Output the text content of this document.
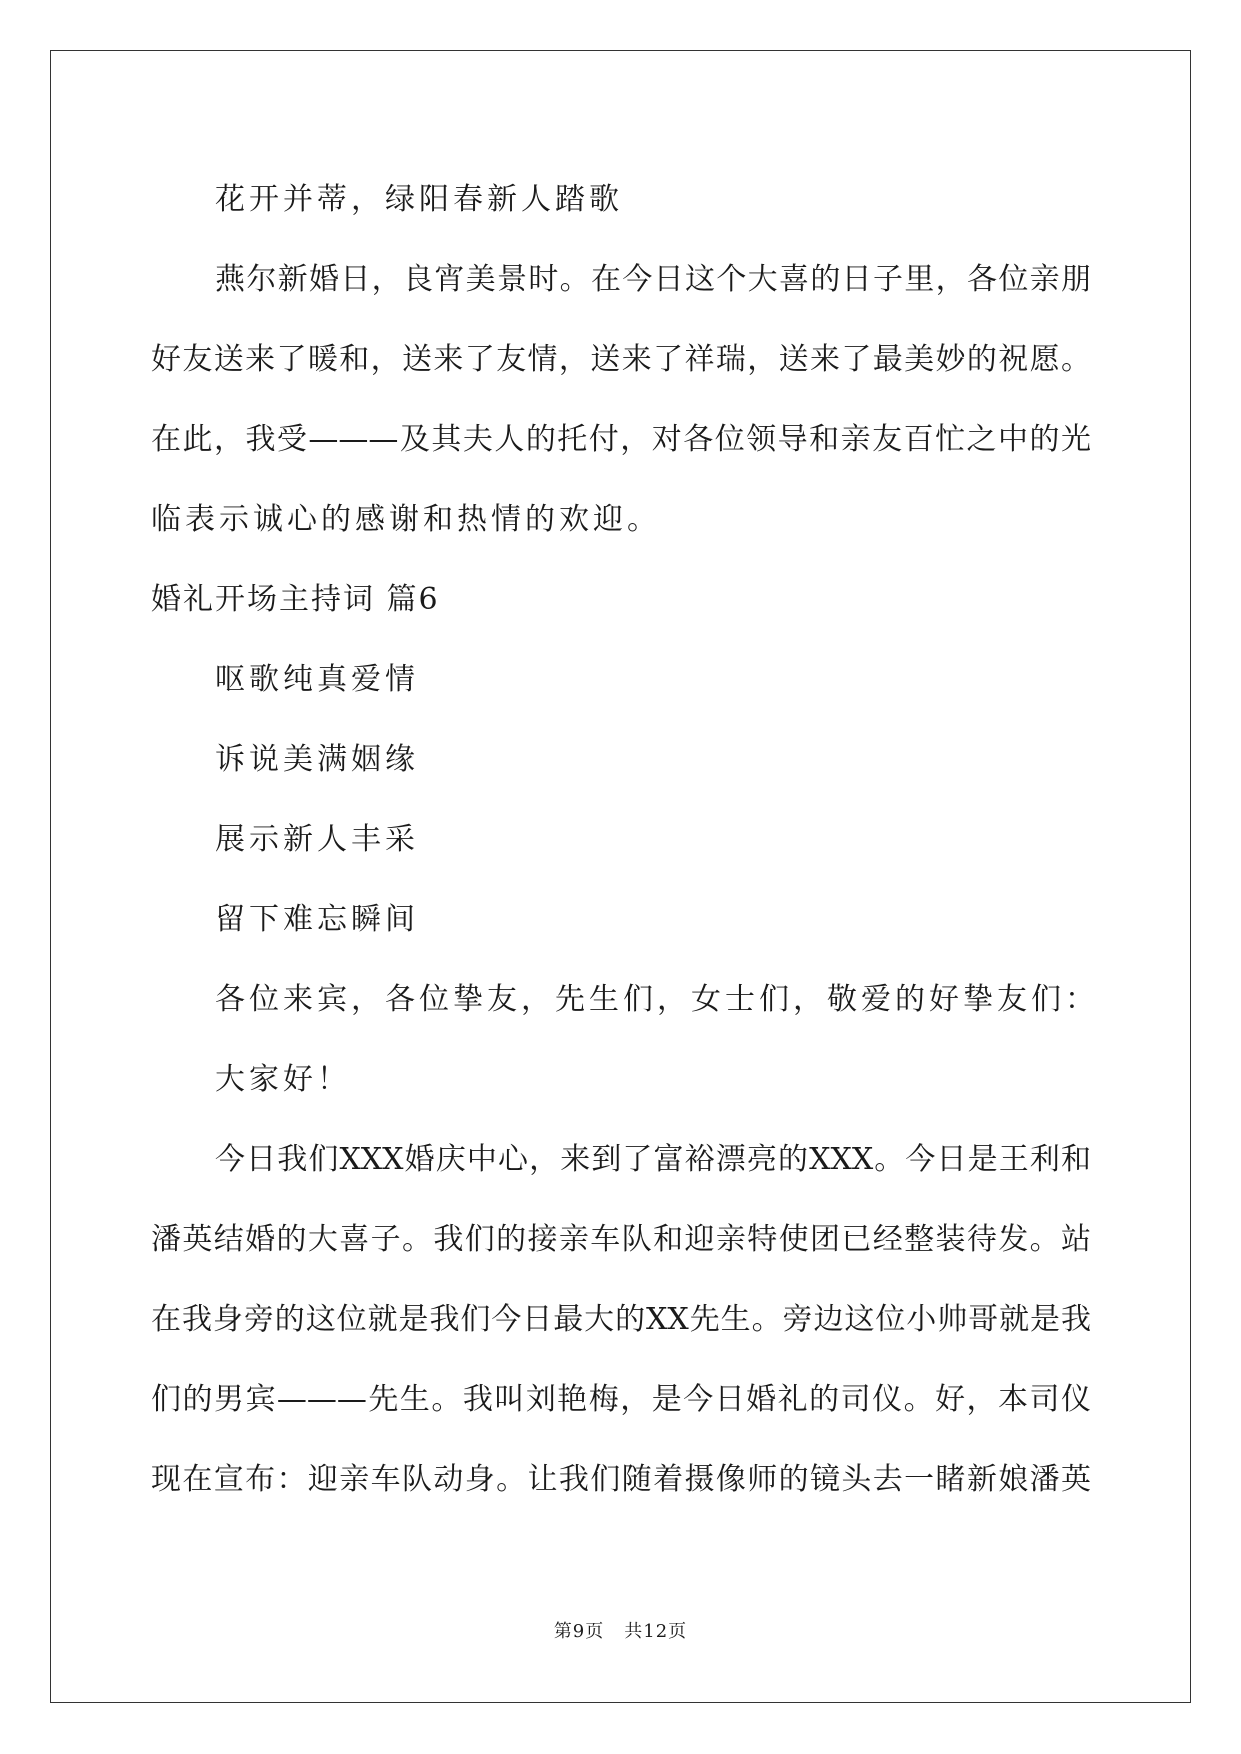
花开并蒂，绿阳春新人踏歌
燕尔新婚日，良宵美景时。在今日这个大喜的日子里，各位亲朋
好友送来了暖和，送来了友情，送来了祥瑞，送来了最美妙的祝愿。
在此，我受———及其夫人的托付，对各位领导和亲友百忙之中的光
临表示诚心的感谢和热情的欢迎。
婚礼开场主持词 篇6
呕歌纯真爱情
诉说美满姻缘
展示新人丰采
留下难忘瞬间
各位来宾，各位挚友，先生们，女士们，敬爱的好挚友们：
大家好！
今日我们XXX婚庆中心，来到了富裕漂亮的XXX。今日是王利和
潘英结婚的大喜子。我们的接亲车队和迎亲特使团已经整装待发。站
在我身旁的这位就是我们今日最大的XX先生。旁边这位小帅哥就是我
们的男宾———先生。我叫刘艳梅，是今日婚礼的司仪。好，本司仪
现在宣布：迎亲车队动身。让我们随着摄像师的镜头去一睹新娘潘英
第9页 共12页
